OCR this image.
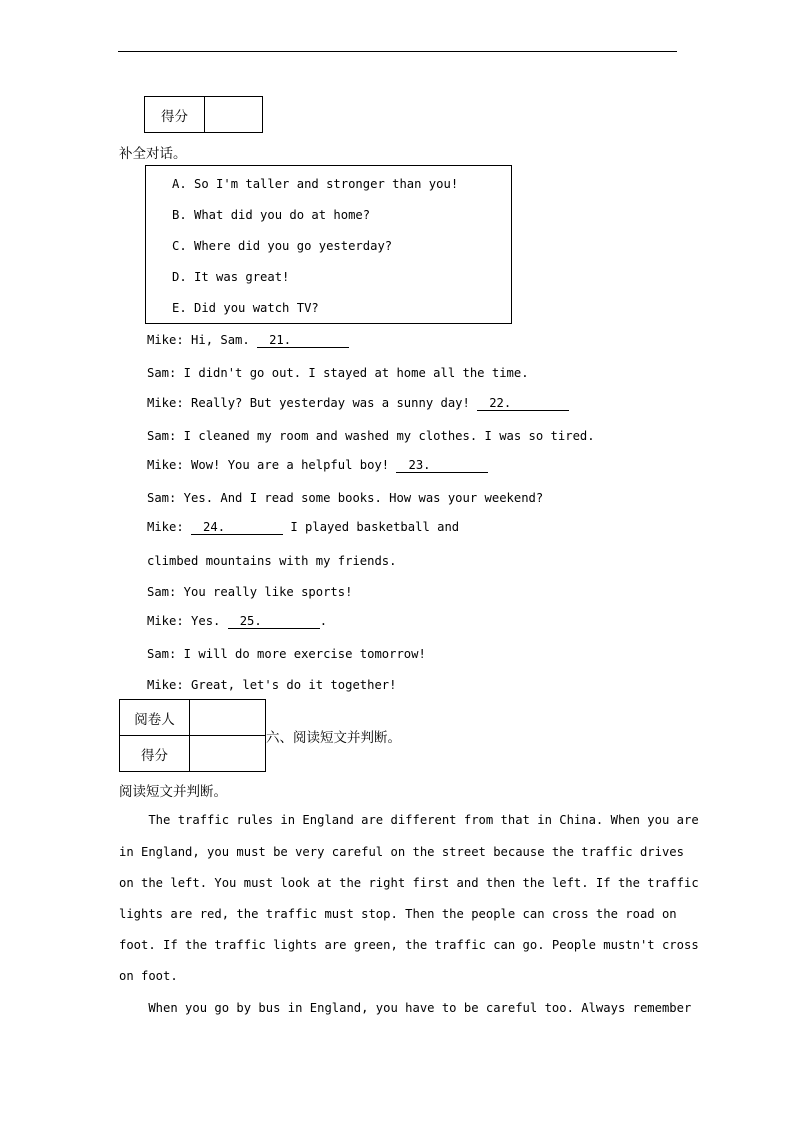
得分	
补全对话。
A. So I'm taller and stronger than you!
B. What did you do at home?
C. Where did you go yesterday?
D. It was great!
E. Did you watch TV?
Mike: Hi, Sam. 21.
Sam: I didn't go out. I stayed at home all the time.
Mike: Really? But yesterday was a sunny day! 22.
Sam: I cleaned my room and washed my clothes. I was so tired.
Mike: Wow! You are a helpful boy! 23.
Sam: Yes. And I read some books. How was your weekend?
Mike: 24.	I played basketball and
climbed mountains with my friends.
Sam: You really like sports!
Mike: Yes. 25.	.
Sam: I will do more exercise tomorrow!
Mike: Great, let's do it together!
阅卷人	
得分	
六、阅读短文并判断。
阅读短文并判断。
The traffic rules in England are different from that in China. When you are
in England, you must be very careful on the street because the traffic drives
on the left. You must look at the right first and then the left. If the traffic
lights are red, the traffic must stop. Then the people can cross the road on
foot. If the traffic lights are green, the traffic can go. People mustn't cross
on foot.
When you go by bus in England, you have to be careful too. Always remember
